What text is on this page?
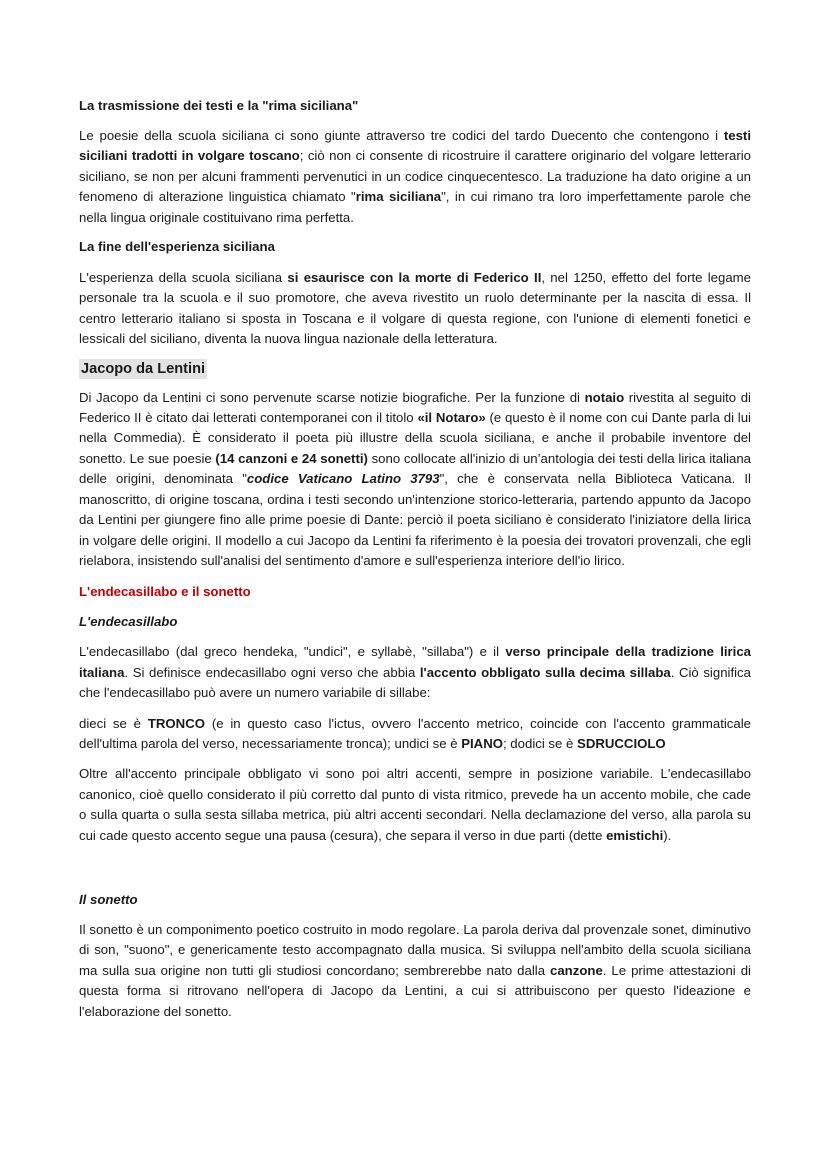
La trasmissione dei testi e la "rima siciliana"

Le poesie della scuola siciliana ci sono giunte attraverso tre codici del tardo Duecento che contengono i testi siciliani tradotti in volgare toscano; ciò non ci consente di ricostruire il carattere originario del volgare letterario siciliano, se non per alcuni frammenti pervenutici in un codice cinquecentesco. La traduzione ha dato origine a un fenomeno di alterazione linguistica chiamato "rima siciliana", in cui rimano tra loro imperfettamente parole che nella lingua originale costituivano rima perfetta.

La fine dell'esperienza siciliana

L'esperienza della scuola siciliana si esaurisce con la morte di Federico II, nel 1250, effetto del forte legame personale tra la scuola e il suo promotore, che aveva rivestito un ruolo determinante per la nascita di essa. Il centro letterario italiano si sposta in Toscana e il volgare di questa regione, con l'unione di elementi fonetici e lessicali del siciliano, diventa la nuova lingua nazionale della letteratura.

Jacopo da Lentini

Di Jacopo da Lentini ci sono pervenute scarse notizie biografiche. Per la funzione di notaio rivestita al seguito di Federico II è citato dai letterati contemporanei con il titolo «il Notaro» (e questo è il nome con cui Dante parla di lui nella Commedia). È considerato il poeta più illustre della scuola siciliana, e anche il probabile inventore del sonetto. Le sue poesie (14 canzoni e 24 sonetti) sono collocate all'inizio di un’antologia dei testi della lirica italiana delle origini, denominata "codice Vaticano Latino 3793", che è conservata nella Biblioteca Vaticana. Il manoscritto, di origine toscana, ordina i testi secondo un'intenzione storico-letteraria, partendo appunto da Jacopo da Lentini per giungere fino alle prime poesie di Dante: perciò il poeta siciliano è considerato l'iniziatore della lirica in volgare delle origini. Il modello a cui Jacopo da Lentini fa riferimento è la poesia dei trovatori provenzali, che egli rielabora, insistendo sull'analisi del sentimento d'amore e sull'esperienza interiore dell'io lirico.

L'endecasillabo e il sonetto
L'endecasillabo

L'endecasillabo (dal greco hendeka, "undici", e syllabè, "sillaba") e il verso principale della tradizione lirica italiana. Si definisce endecasillabo ogni verso che abbia l'accento obbligato sulla decima sillaba. Ciò significa che l'endecasillabo può avere un numero variabile di sillabe:

dieci se è TRONCO (e in questo caso l'ictus, ovvero l'accento metrico, coincide con l'accento grammaticale dell'ultima parola del verso, necessariamente tronca); undici se è PIANO; dodici se è SDRUCCIOLO

Oltre all'accento principale obbligato vi sono poi altri accenti, sempre in posizione variabile. L'endecasillabo canonico, cioè quello considerato il più corretto dal punto di vista ritmico, prevede ha un accento mobile, che cade o sulla quarta o sulla sesta sillaba metrica, più altri accenti secondari. Nella declamazione del verso, alla parola su cui cade questo accento segue una pausa (cesura), che separa il verso in due parti (dette emistichi).

Il sonetto

Il sonetto è un componimento poetico costruito in modo regolare. La parola deriva dal provenzale sonet, diminutivo di son, "suono", e genericamente testo accompagnato dalla musica. Si sviluppa nell'ambito della scuola siciliana ma sulla sua origine non tutti gli studiosi concordano; sembrerebbe nato dalla canzone. Le prime attestazioni di questa forma si ritrovano nell'opera di Jacopo da Lentini, a cui si attribuiscono per questo l'ideazione e l'elaborazione del sonetto.
